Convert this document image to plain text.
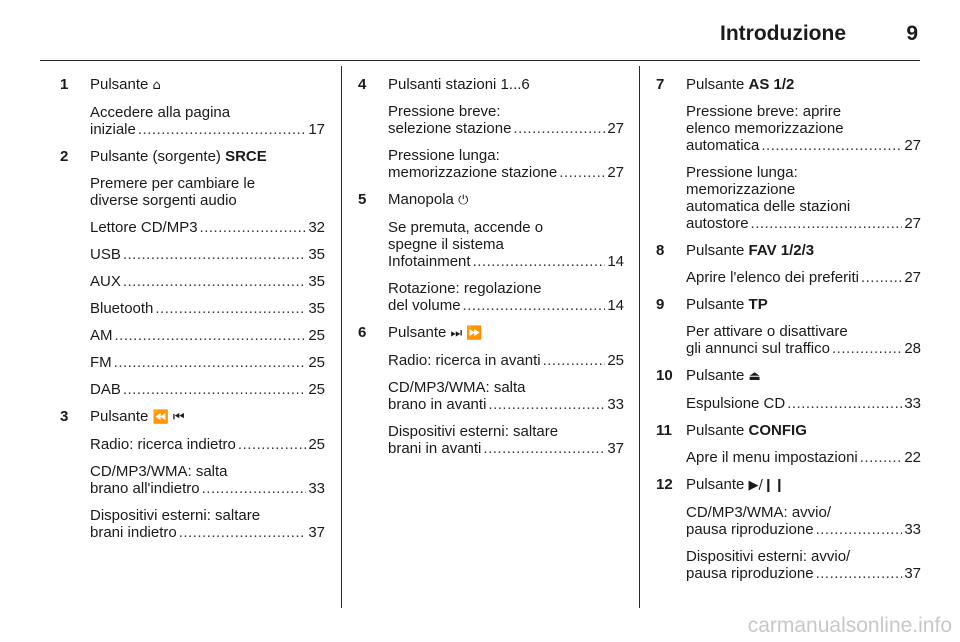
Introduzione	9
1 Pulsante ⌂
Accedere alla pagina
iniziale .....	17
2 Pulsante (sorgente) SRCE
Premere per cambiare le
diverse sorgenti audio
Lettore CD/MP3 .....	32
USB .....	35
AUX .....	35
Bluetooth .....	35
AM .....	25
FM .....	25
DAB .....	25
3 Pulsante ⏪ ⏮
Radio: ricerca indietro .....	25
CD/MP3/WMA: salta
brano all'indietro .....	33
Dispositivi esterni: saltare
brani indietro .....	37
4 Pulsanti stazioni 1...6
Pressione breve:
selezione stazione .....	27
Pressione lunga:
memorizzazione stazione .....	27
5 Manopola ⏻
Se premuta, accende o
spegne il sistema
Infotainment .....	14
Rotazione: regolazione
del volume .....	14
6 Pulsante ⏭ ⏩
Radio: ricerca in avanti .....	25
CD/MP3/WMA: salta
brano in avanti .....	33
Dispositivi esterni: saltare
brani in avanti .....	37
7 Pulsante AS 1/2
Pressione breve: aprire
elenco memorizzazione
automatica .....	27
Pressione lunga:
memorizzazione
automatica delle stazioni
autostore .....	27
8 Pulsante FAV 1/2/3
Aprire l'elenco dei preferiti .....	27
9 Pulsante TP
Per attivare o disattivare
gli annunci sul traffico .....	28
10 Pulsante ⏏
Espulsione CD .....	33
11 Pulsante CONFIG
Apre il menu impostazioni .....	22
12 Pulsante ▶/❙❙
CD/MP3/WMA: avvio/
pausa riproduzione .....	33
Dispositivi esterni: avvio/
pausa riproduzione .....	37
carmanualsonline.info
